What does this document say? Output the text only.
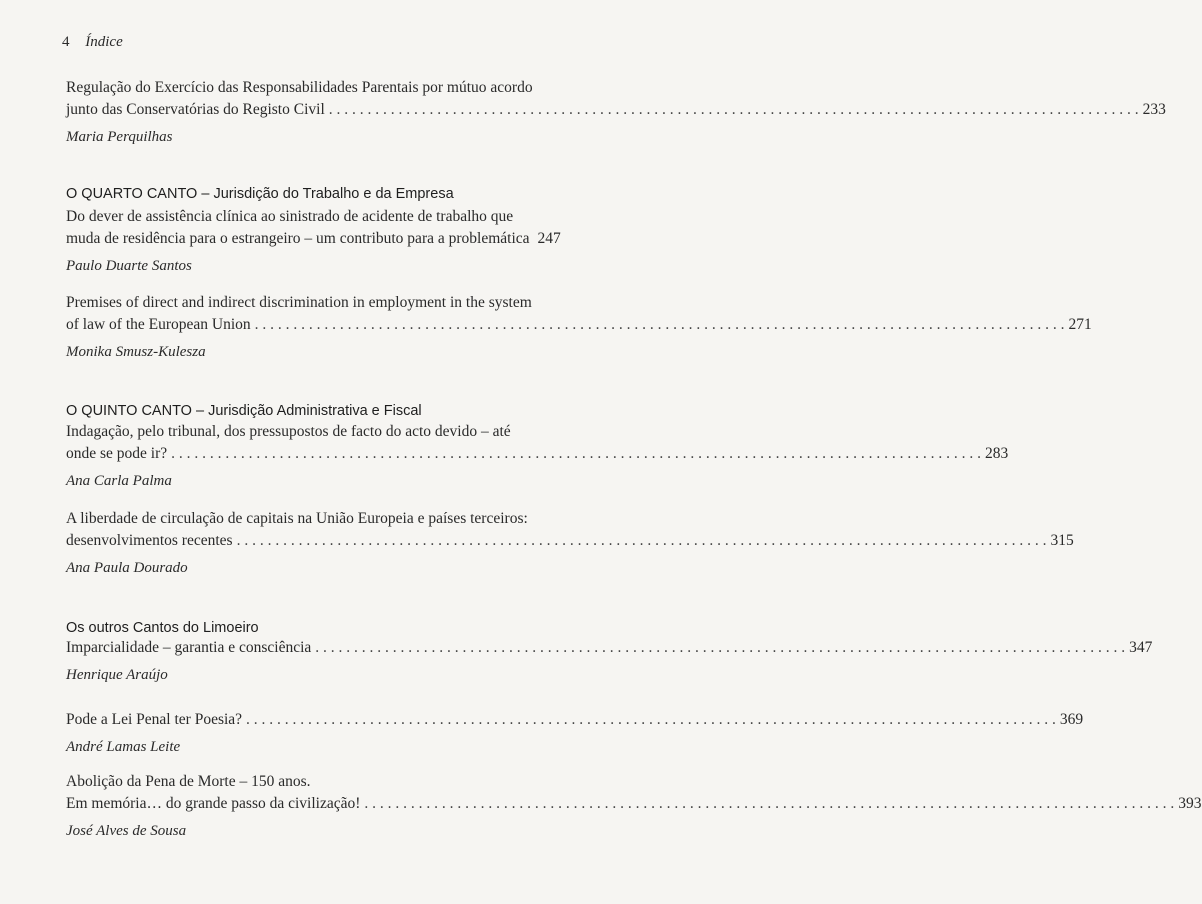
4 Índice
Regulação do Exercício das Responsabilidades Parentais por mútuo acordo
junto das Conservatórias do Registo Civil . . .	233
Maria Perquilhas
O QUARTO CANTO – Jurisdição do Trabalho e da Empresa
Do dever de assistência clínica ao sinistrado de acidente de trabalho que
muda de residência para o estrangeiro – um contributo para a problemática 247
Paulo Duarte Santos
Premises of direct and indirect discrimination in employment in the system
of law of the European Union . . .	271
Monika Smusz-Kulesza
O QUINTO CANTO – Jurisdição Administrativa e Fiscal
Indagação, pelo tribunal, dos pressupostos de facto do acto devido – até
onde se pode ir? . . .	283
Ana Carla Palma
A liberdade de circulação de capitais na União Europeia e países terceiros:
desenvolvimentos recentes . . .	315
Ana Paula Dourado
Os outros Cantos do Limoeiro
Imparcialidade – garantia e consciência . . .	347
Henrique Araújo
Pode a Lei Penal ter Poesia? . . .	369
André Lamas Leite
Abolição da Pena de Morte – 150 anos.
Em memória… do grande passo da civilização! . . .	393
José Alves de Sousa
